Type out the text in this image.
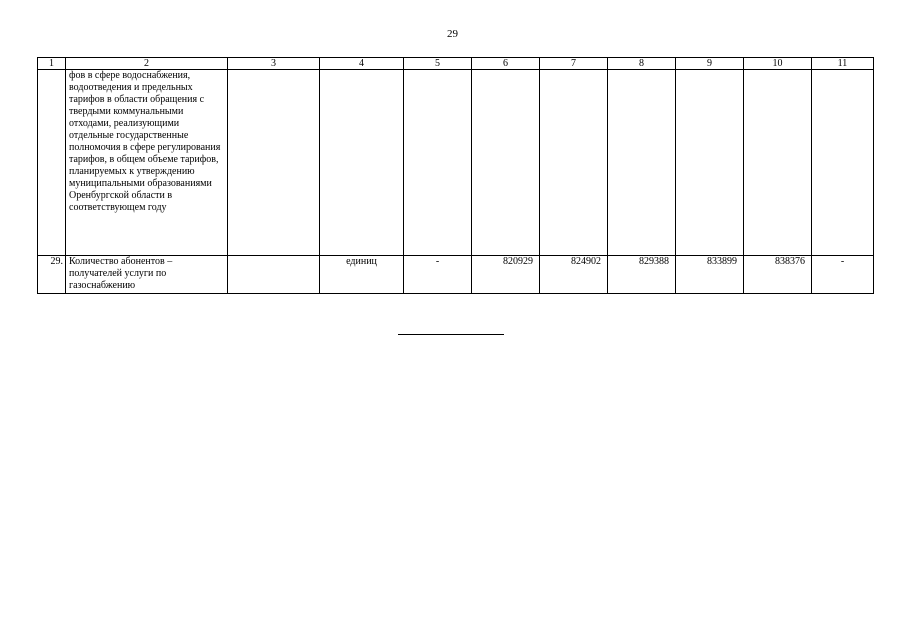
29
1	2	3	4	5	6	7	8	9	10	11
	фов в сфере водоснабжения, водоотведения и предельных тарифов в области обращения с твердыми коммунальными отходами, реализующими отдельные государственные полномочия в сфере регулирования тарифов, в общем объеме тарифов, планируемых к утверждению муниципальными образованиями Оренбургской области в соответствующем году									
29.	Количество абонентов – получателей услуги по газоснабжению		единиц	-	820929	824902	829388	833899	838376	-
